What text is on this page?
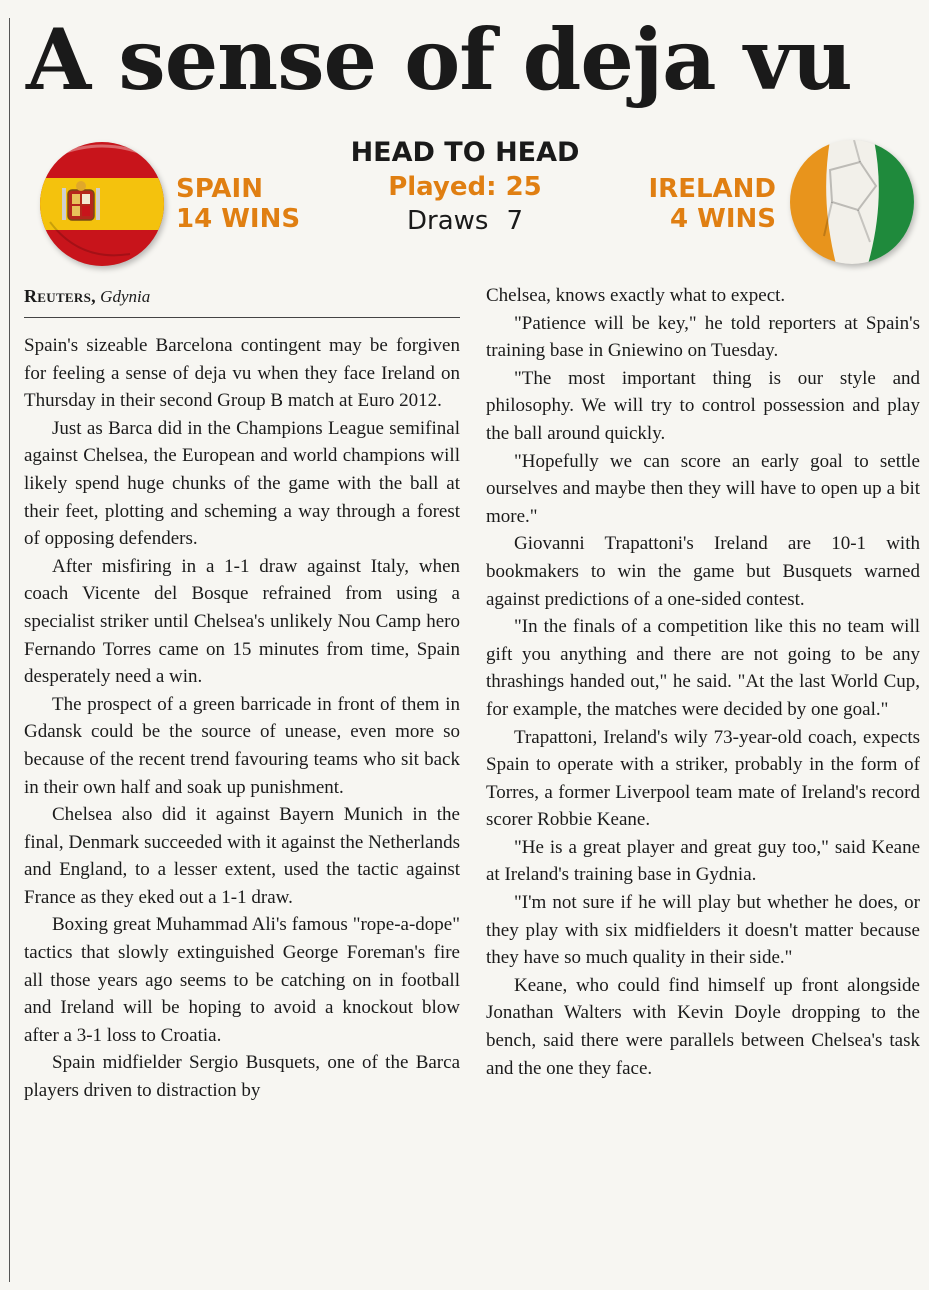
A sense of deja vu
SPAIN
14 WINS
HEAD TO HEAD
Played: 25
Draws 7
IRELAND
4 WINS
Reuters, Gdynia

Spain's sizeable Barcelona contingent may be forgiven for feeling a sense of deja vu when they face Ireland on Thursday in their second Group B match at Euro 2012.

Just as Barca did in the Champions League semifinal against Chelsea, the European and world champions will likely spend huge chunks of the game with the ball at their feet, plotting and scheming a way through a forest of opposing defenders.

After misfiring in a 1-1 draw against Italy, when coach Vicente del Bosque refrained from using a specialist striker until Chelsea's unlikely Nou Camp hero Fernando Torres came on 15 minutes from time, Spain desperately need a win.

The prospect of a green barricade in front of them in Gdansk could be the source of unease, even more so because of the recent trend favouring teams who sit back in their own half and soak up punishment.

Chelsea also did it against Bayern Munich in the final, Denmark succeeded with it against the Netherlands and England, to a lesser extent, used the tactic against France as they eked out a 1-1 draw.

Boxing great Muhammad Ali's famous "rope-a-dope" tactics that slowly extinguished George Foreman's fire all those years ago seems to be catching on in football and Ireland will be hoping to avoid a knockout blow after a 3-1 loss to Croatia.

Spain midfielder Sergio Busquets, one of the Barca players driven to distraction by

Chelsea, knows exactly what to expect.

"Patience will be key," he told reporters at Spain's training base in Gniewino on Tuesday.

"The most important thing is our style and philosophy. We will try to control possession and play the ball around quickly.

"Hopefully we can score an early goal to settle ourselves and maybe then they will have to open up a bit more."

Giovanni Trapattoni's Ireland are 10-1 with bookmakers to win the game but Busquets warned against predictions of a one-sided contest.

"In the finals of a competition like this no team will gift you anything and there are not going to be any thrashings handed out," he said. "At the last World Cup, for example, the matches were decided by one goal."

Trapattoni, Ireland's wily 73-year-old coach, expects Spain to operate with a striker, probably in the form of Torres, a former Liverpool team mate of Ireland's record scorer Robbie Keane.

"He is a great player and great guy too," said Keane at Ireland's training base in Gydnia.

"I'm not sure if he will play but whether he does, or they play with six midfielders it doesn't matter because they have so much quality in their side."

Keane, who could find himself up front alongside Jonathan Walters with Kevin Doyle dropping to the bench, said there were parallels between Chelsea's task and the one they face.
